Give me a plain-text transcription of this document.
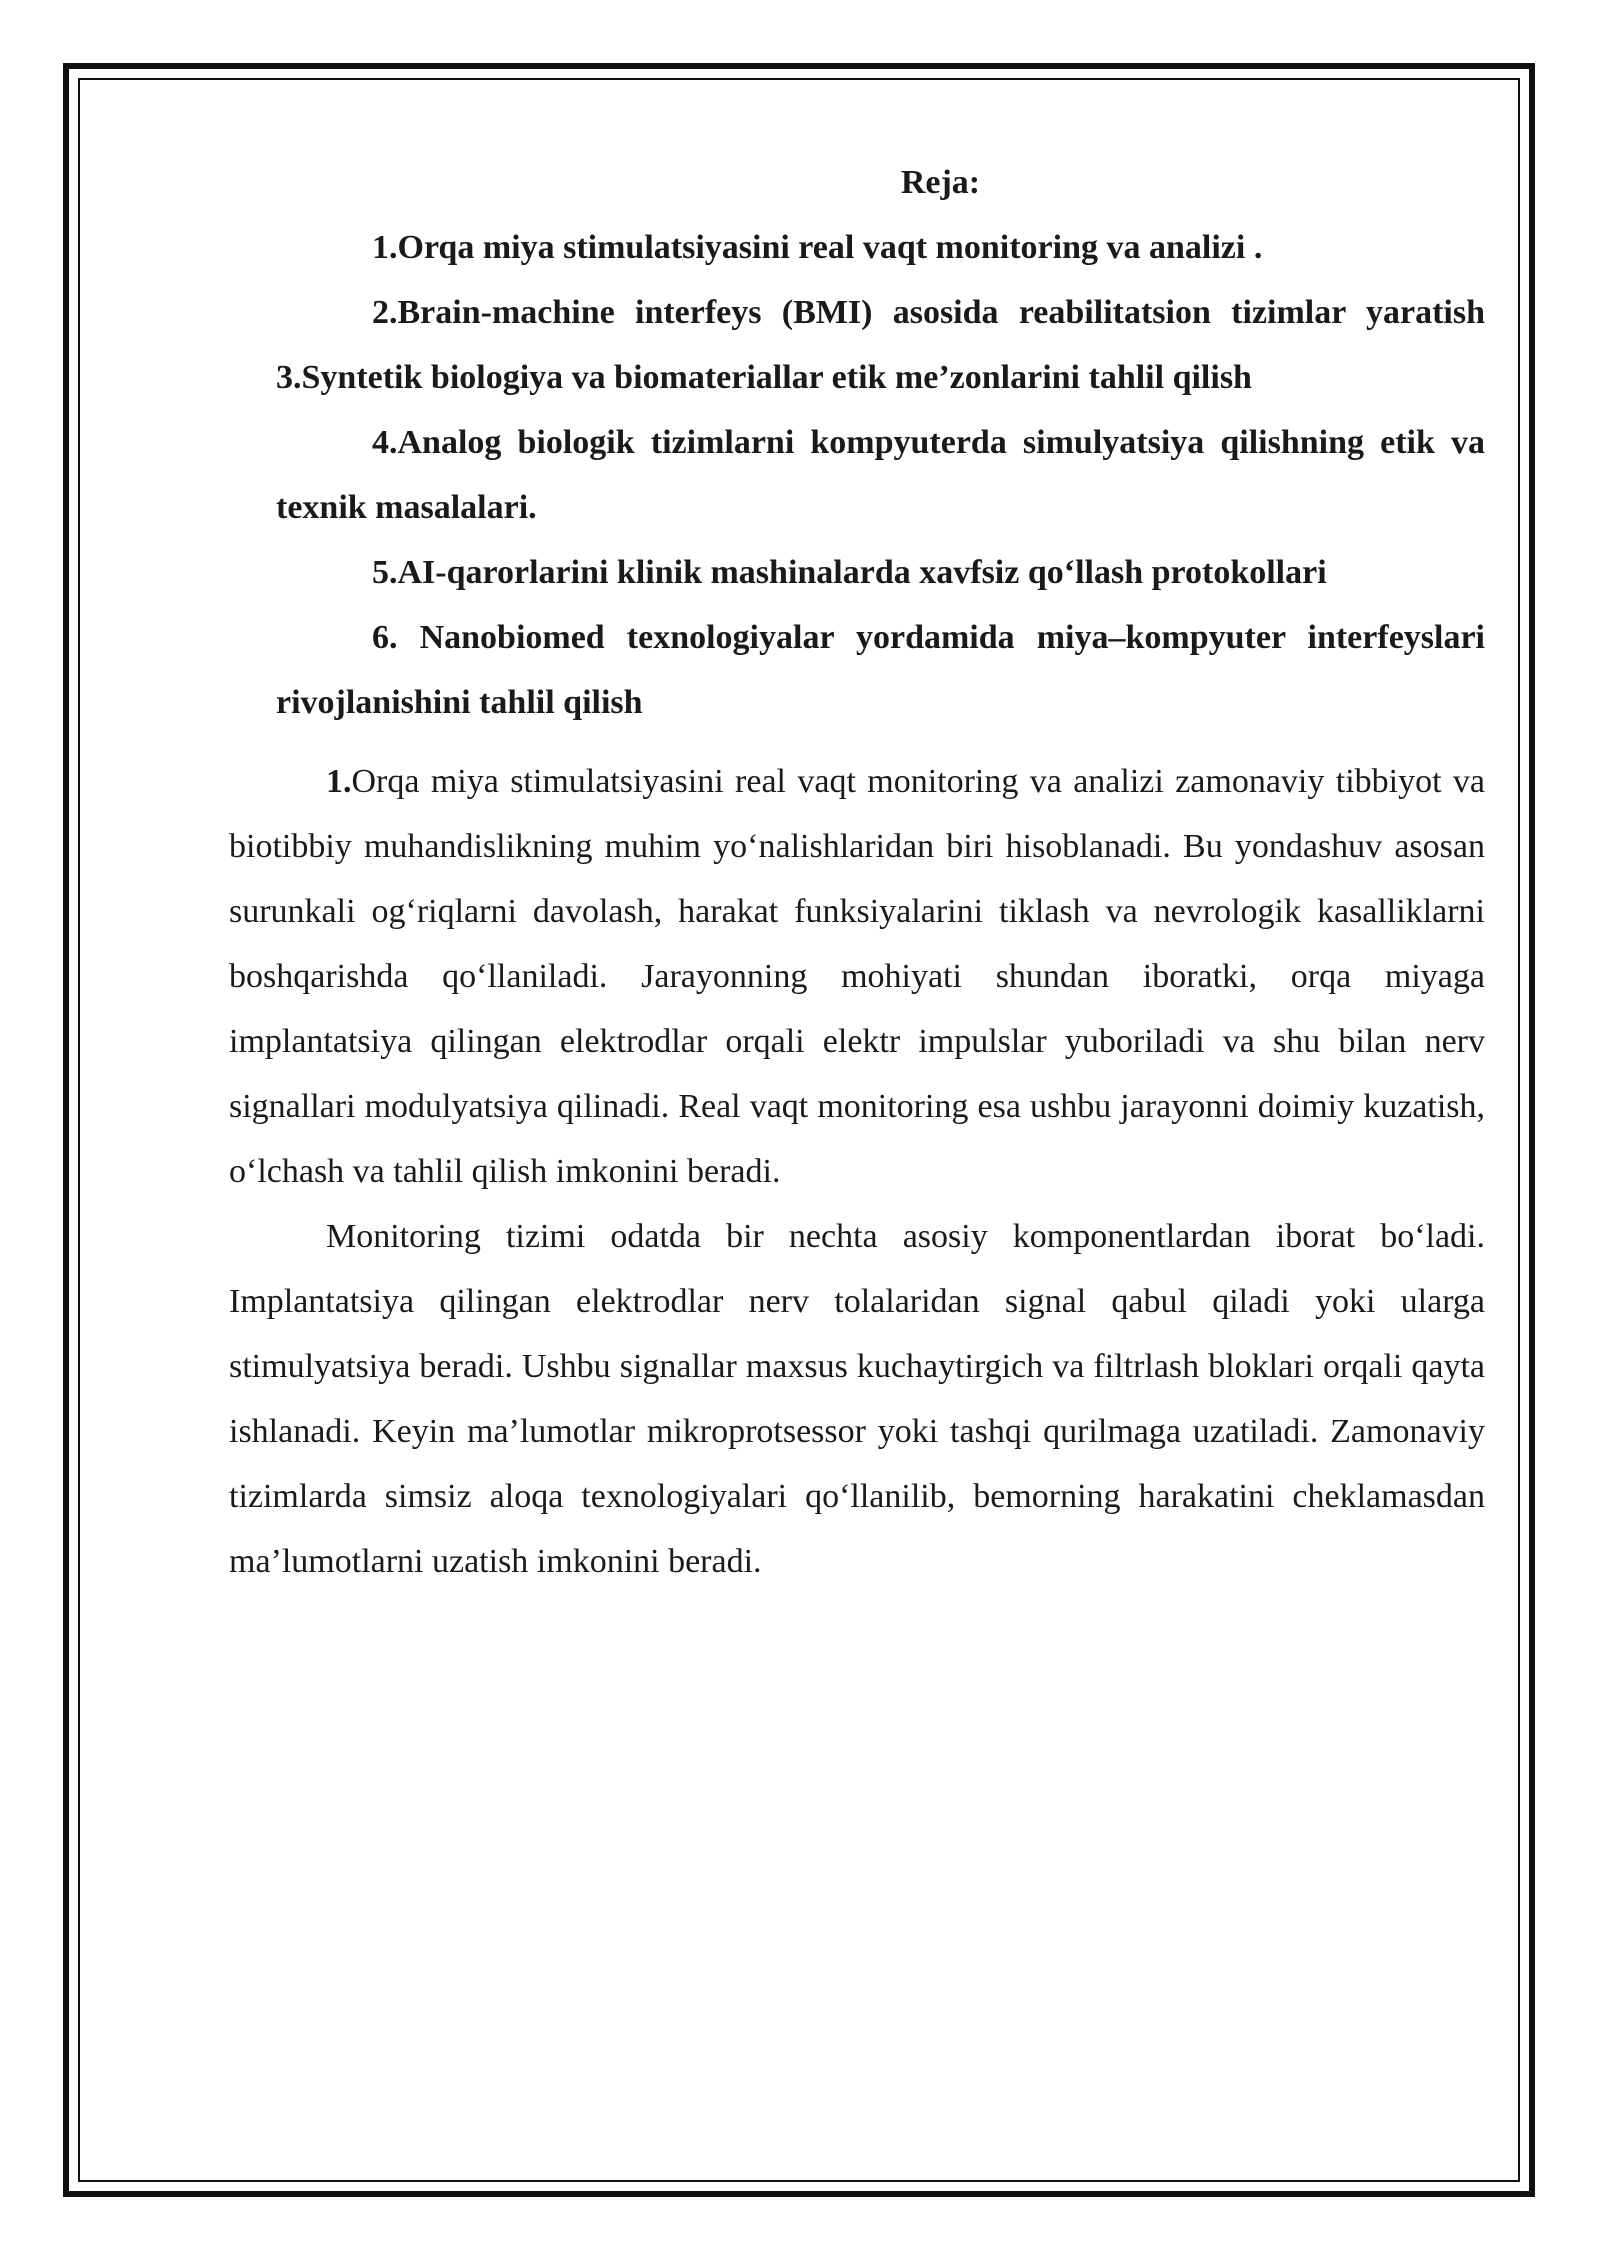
Reja:

1.Orqa miya stimulatsiyasini real vaqt monitoring va analizi .

2.Brain-machine interfeys (BMI) asosida reabilitatsion tizimlar yaratish 3.Syntetik biologiya va biomateriallar etik me’zonlarini tahlil qilish

4.Analog biologik tizimlarni kompyuterda simulyatsiya qilishning etik va texnik masalalari.

5.AI-qarorlarini klinik mashinalarda xavfsiz qo‘llash protokollari

6. Nanobiomed texnologiyalar yordamida miya–kompyuter interfeyslari rivojlanishini tahlil qilish

1.Orqa miya stimulatsiyasini real vaqt monitoring va analizi zamonaviy tibbiyot va biotibbiy muhandislikning muhim yo‘nalishlaridan biri hisoblanadi. Bu yondashuv asosan surunkali og‘riqlarni davolash, harakat funksiyalarini tiklash va nevrologik kasalliklarni boshqarishda qo‘llaniladi. Jarayonning mohiyati shundan iboratki, orqa miyaga implantatsiya qilingan elektrodlar orqali elektr impulslar yuboriladi va shu bilan nerv signallari modulyatsiya qilinadi. Real vaqt monitoring esa ushbu jarayonni doimiy kuzatish, o‘lchash va tahlil qilish imkonini beradi.

Monitoring tizimi odatda bir nechta asosiy komponentlardan iborat bo‘ladi. Implantatsiya qilingan elektrodlar nerv tolalaridan signal qabul qiladi yoki ularga stimulyatsiya beradi. Ushbu signallar maxsus kuchaytirgich va filtrlash bloklari orqali qayta ishlanadi. Keyin ma’lumotlar mikroprotsessor yoki tashqi qurilmaga uzatiladi. Zamonaviy tizimlarda simsiz aloqa texnologiyalari qo‘llanilib, bemorning harakatini cheklamasdan ma’lumotlarni uzatish imkonini beradi.
